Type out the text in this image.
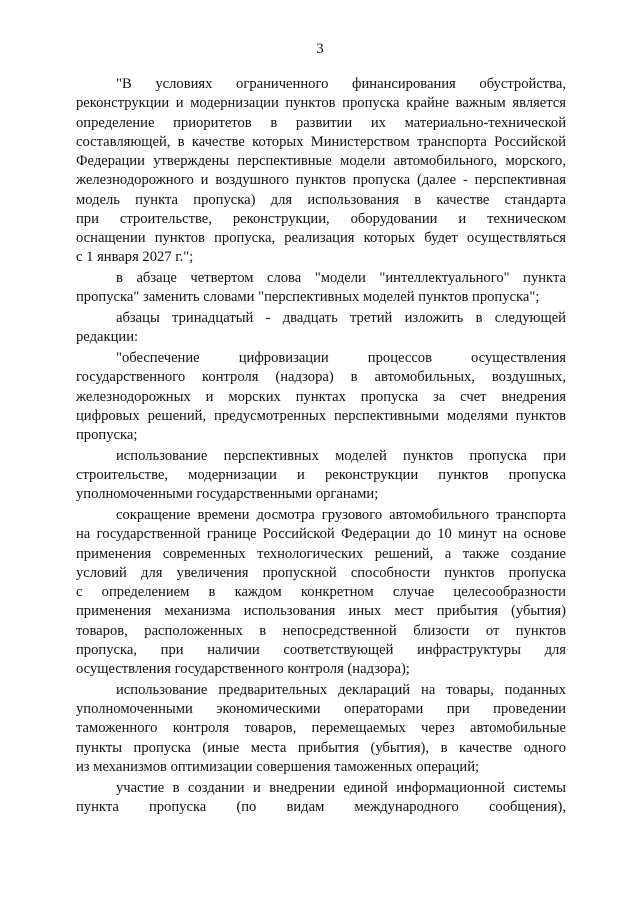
3
"В условиях ограниченного финансирования обустройства,
реконструкции и модернизации пунктов пропуска крайне важным является
определение приоритетов в развитии их материально-технической
составляющей, в качестве которых Министерством транспорта Российской
Федерации утверждены перспективные модели автомобильного, морского,
железнодорожного и воздушного пунктов пропуска (далее - перспективная
модель пункта пропуска) для использования в качестве стандарта
при строительстве, реконструкции, оборудовании и техническом
оснащении пунктов пропуска, реализация которых будет осуществляться
с 1 января 2027 г.";
в абзаце четвертом слова "модели "интеллектуального" пункта
пропуска" заменить словами "перспективных моделей пунктов пропуска";
абзацы тринадцатый - двадцать третий изложить в следующей
редакции:
"обеспечение цифровизации процессов осуществления
государственного контроля (надзора) в автомобильных, воздушных,
железнодорожных и морских пунктах пропуска за счет внедрения
цифровых решений, предусмотренных перспективными моделями пунктов
пропуска;
использование перспективных моделей пунктов пропуска при
строительстве, модернизации и реконструкции пунктов пропуска
уполномоченными государственными органами;
сокращение времени досмотра грузового автомобильного транспорта
на государственной границе Российской Федерации до 10 минут на основе
применения современных технологических решений, а также создание
условий для увеличения пропускной способности пунктов пропуска
с определением в каждом конкретном случае целесообразности
применения механизма использования иных мест прибытия (убытия)
товаров, расположенных в непосредственной близости от пунктов
пропуска, при наличии соответствующей инфраструктуры для
осуществления государственного контроля (надзора);
использование предварительных деклараций на товары, поданных
уполномоченными экономическими операторами при проведении
таможенного контроля товаров, перемещаемых через автомобильные
пункты пропуска (иные места прибытия (убытия), в качестве одного
из механизмов оптимизации совершения таможенных операций;
участие в создании и внедрении единой информационной системы
пункта пропуска (по видам международного сообщения),
